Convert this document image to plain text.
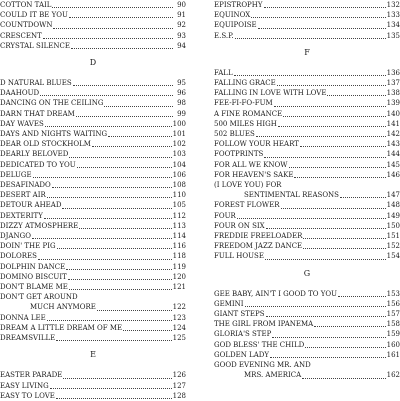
COTTON TAIL	90
COULD IT BE YOU	91
COUNTDOWN	92
CRESCENT	93
CRYSTAL SILENCE	94
D
D NATURAL BLUES	95
DAAHOUD	96
DANCING ON THE CEILING	98
DARN THAT DREAM	99
DAY WAVES	100
DAYS AND NIGHTS WAITING	101
DEAR OLD STOCKHOLM	102
DEARLY BELOVED	103
DEDICATED TO YOU	104
DELUGE	106
DESAFINADO	108
DESERT AIR	110
DETOUR AHEAD	105
DEXTERITY	112
DIZZY ATMOSPHERE	113
DJANGO	114
DOIN' THE PIG	116
DOLORES	118
DOLPHIN DANCE	119
DOMINO BISCUIT	120
DON'T BLAME ME	121
DON'T GET AROUND
MUCH ANYMORE	122
DONNA LEE	123
DREAM A LITTLE DREAM OF ME	124
DREAMSVILLE	125
E
EASTER PARADE	126
EASY LIVING	127
EASY TO LOVE	128
EPISTROPHY	132
EQUINOX	133
EQUIPOISE	134
E.S.P.	135
F
FALL	136
FALLING GRACE	137
FALLING IN LOVE WITH LOVE	138
FEE-FI-FO-FUM	139
A FINE ROMANCE	140
500 MILES HIGH	141
502 BLUES	142
FOLLOW YOUR HEART	143
FOOTPRINTS	144
FOR ALL WE KNOW	145
FOR HEAVEN'S SAKE	146
(I LOVE YOU) FOR
SENTIMENTAL REASONS	147
FOREST FLOWER	148
FOUR	149
FOUR ON SIX	150
FREDDIE FREELOADER	151
FREEDOM JAZZ DANCE	152
FULL HOUSE	154
G
GEE BABY, AIN'T I GOOD TO YOU	153
GEMINI	156
GIANT STEPS	157
THE GIRL FROM IPANEMA	158
GLORIA'S STEP	159
GOD BLESS' THE CHILD	160
GOLDEN LADY	161
GOOD EVENING MR. AND
MRS. AMERICA	162
